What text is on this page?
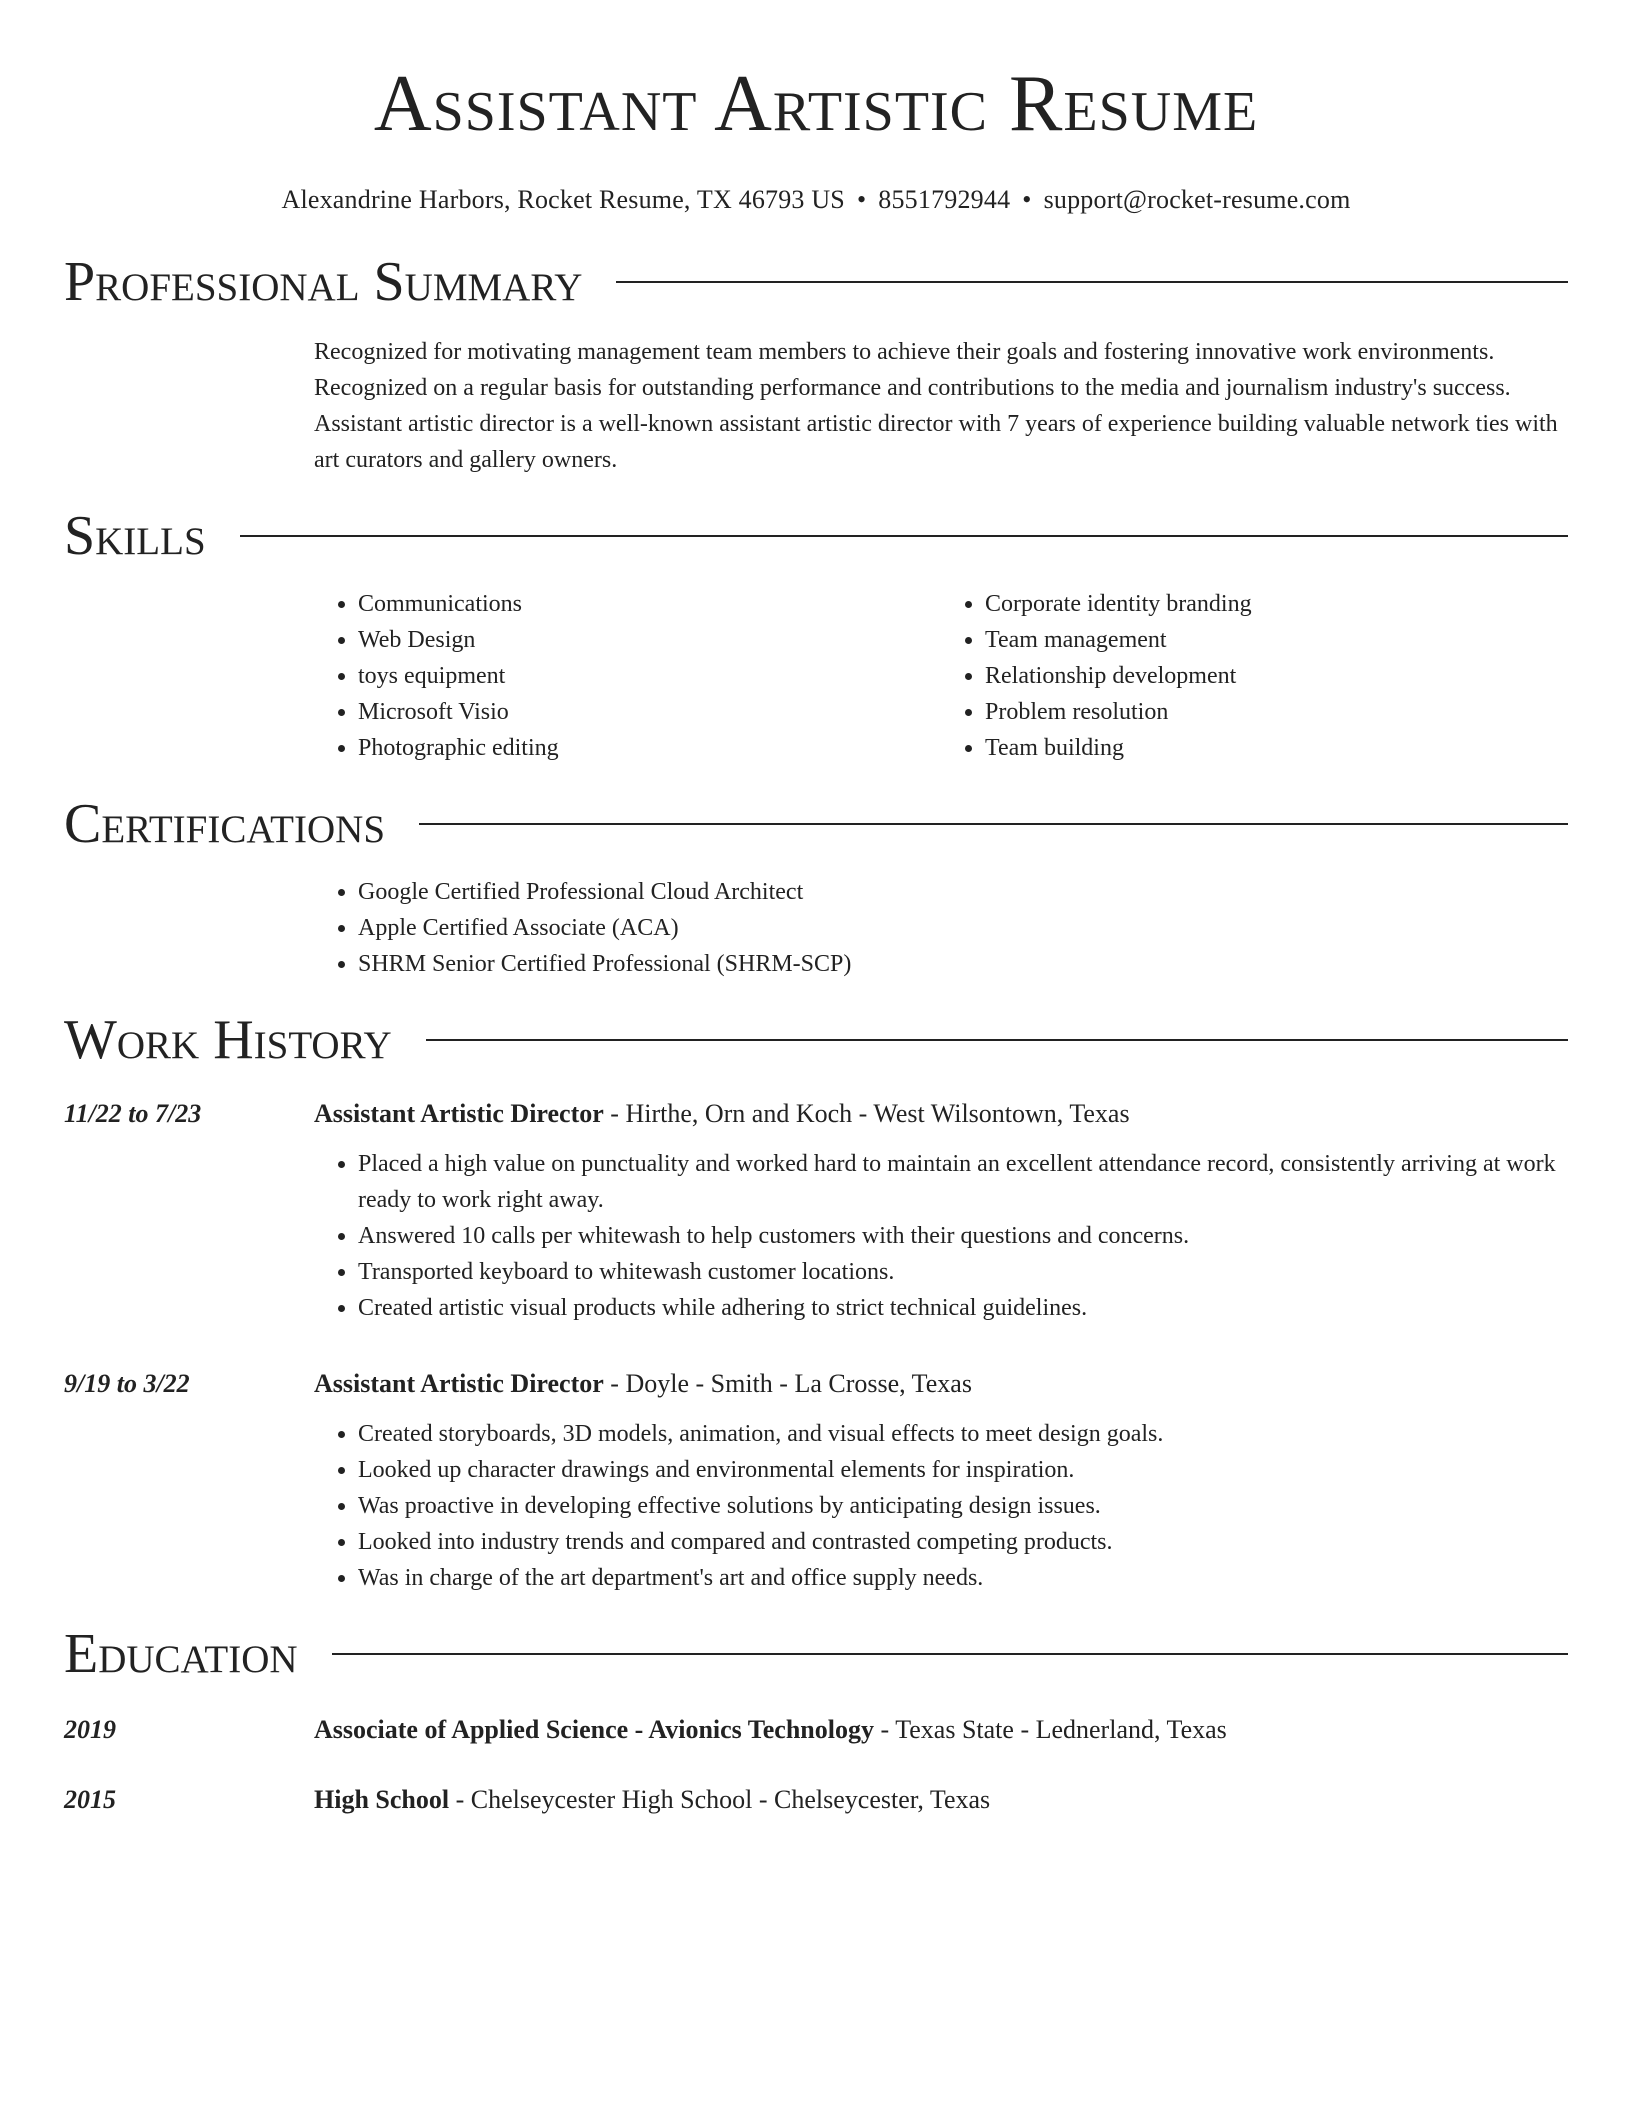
Assistant Artistic Resume
Alexandrine Harbors, Rocket Resume, TX 46793 US • 8551792944 • support@rocket-resume.com
Professional Summary
Recognized for motivating management team members to achieve their goals and fostering innovative work environments. Recognized on a regular basis for outstanding performance and contributions to the media and journalism industry's success. Assistant artistic director is a well-known assistant artistic director with 7 years of experience building valuable network ties with art curators and gallery owners.
Skills
• Communications
• Web Design
• toys equipment
• Microsoft Visio
• Photographic editing
• Corporate identity branding
• Team management
• Relationship development
• Problem resolution
• Team building
Certifications
• Google Certified Professional Cloud Architect
• Apple Certified Associate (ACA)
• SHRM Senior Certified Professional (SHRM-SCP)
Work History
11/22 to 7/23	Assistant Artistic Director - Hirthe, Orn and Koch - West Wilsontown, Texas
• Placed a high value on punctuality and worked hard to maintain an excellent attendance record, consistently arriving at work ready to work right away.
• Answered 10 calls per whitewash to help customers with their questions and concerns.
• Transported keyboard to whitewash customer locations.
• Created artistic visual products while adhering to strict technical guidelines.
9/19 to 3/22	Assistant Artistic Director - Doyle - Smith - La Crosse, Texas
• Created storyboards, 3D models, animation, and visual effects to meet design goals.
• Looked up character drawings and environmental elements for inspiration.
• Was proactive in developing effective solutions by anticipating design issues.
• Looked into industry trends and compared and contrasted competing products.
• Was in charge of the art department's art and office supply needs.
Education
2019	Associate of Applied Science - Avionics Technology - Texas State - Lednerland, Texas
2015	High School - Chelseycester High School - Chelseycester, Texas
